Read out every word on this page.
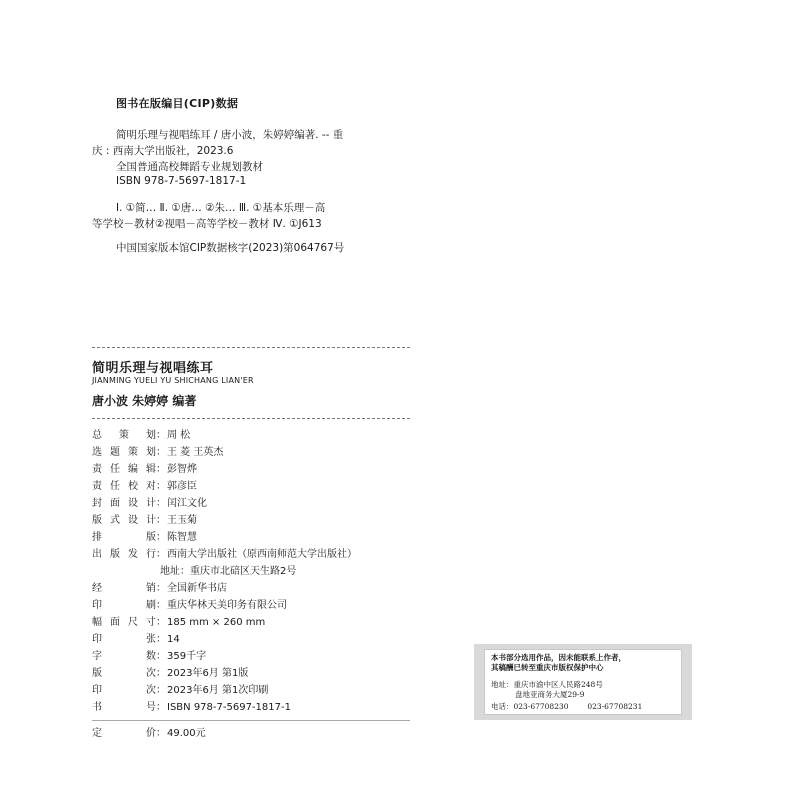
图书在版编目(CIP)数据
简明乐理与视唱练耳 / 唐小波，朱婷婷编著. -- 重
庆 : 西南大学出版社，2023.6
全国普通高校舞蹈专业规划教材
ISBN 978-7-5697-1817-1
Ⅰ. ①简… Ⅱ. ①唐… ②朱… Ⅲ. ①基本乐理－高
等学校－教材②视唱－高等学校－教材 Ⅳ. ①J613
中国国家版本馆CIP数据核字(2023)第064767号
简明乐理与视唱练耳
JIANMING YUELI YU SHICHANG LIAN'ER
唐小波 朱婷婷 编著
总 策 划：周 松
选题策划：王 菱 王英杰
责任编辑：彭智烨
责任校对：郭彦臣
封面设计：闰江文化
版式设计：王玉菊
排 版：陈智慧
出版发行：西南大学出版社（原西南师范大学出版社）
地址：重庆市北碚区天生路2号
经 销：全国新华书店
印 刷：重庆华林天美印务有限公司
幅面尺寸：185 mm × 260 mm
印 张：14
字 数：359千字
版 次：2023年6月 第1版
印 次：2023年6月 第1次印刷
书 号：ISBN 978-7-5697-1817-1
定 价：49.00元
本书部分选用作品，因未能联系上作者，
其稿酬已转至重庆市版权保护中心
地址：重庆市渝中区人民路248号
盘地亚商务大厦29-9
电话：023-67708230	023-67708231
